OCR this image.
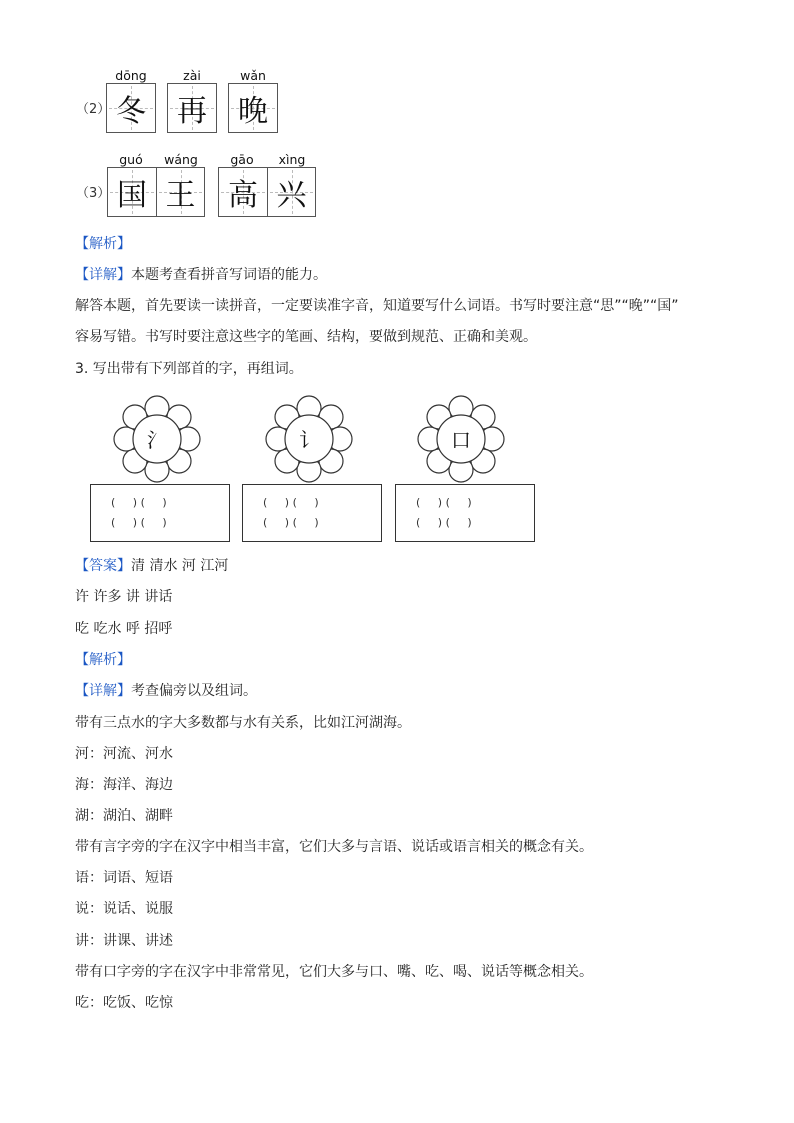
（2）
dōng
冬
zài
再
wǎn
晚
（3）
guó	wáng
国 王
gāo	xìng
高 兴
【解析】
【详解】本题考查看拼音写词语的能力。
解答本题，首先要读一读拼音，一定要读准字音，知道要写什么词语。书写时要注意“思”“晚”“国”
容易写错。书写时要注意这些字的笔画、结构，要做到规范、正确和美观。
3. 写出带有下列部首的字，再组词。
氵	讠	口
(     ) (     )
(     ) (     )
(     ) (     )
(     ) (     )
(     ) (     )
(     ) (     )
【答案】清 清水 河 江河
许 许多 讲 讲话
吃 吃水 呼 招呼
【解析】
【详解】考查偏旁以及组词。
带有三点水的字大多数都与水有关系，比如江河湖海。
河：河流、河水
海：海洋、海边
湖：湖泊、湖畔
带有言字旁的字在汉字中相当丰富，它们大多与言语、说话或语言相关的概念有关。
语：词语、短语
说：说话、说服
讲：讲课、讲述
带有口字旁的字在汉字中非常常见，它们大多与口、嘴、吃、喝、说话等概念相关。
吃：吃饭、吃惊
